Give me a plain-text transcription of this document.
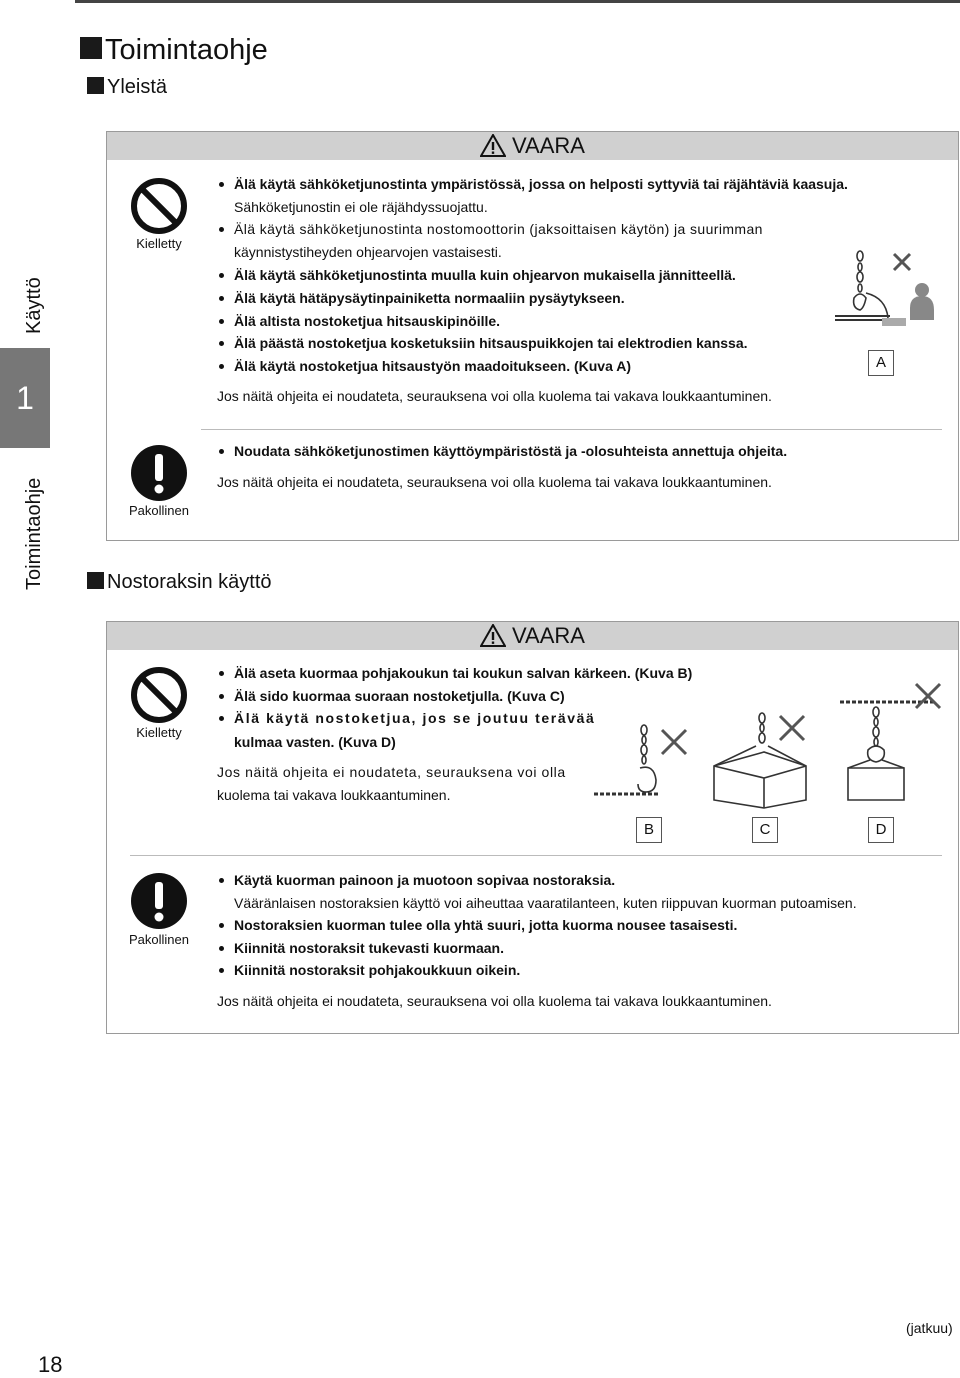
1
Käyttö
Toimintaohje
Toimintaohje
Yleistä
VAARA
Kielletty
Älä käytä sähköketjunostinta ympäristössä, jossa on helposti syttyviä tai räjähtäviä kaasuja.
Sähköketjunostin ei ole räjähdyssuojattu.
Älä käytä sähköketjunostinta nostomoottorin (jaksoittaisen käytön) ja suurimman
käynnistystiheyden ohjearvojen vastaisesti.
Älä käytä sähköketjunostinta muulla kuin ohjearvon mukaisella jännitteellä.
Älä käytä hätäpysäytinpainiketta normaaliin pysäytykseen.
Älä altista nostoketjua hitsauskipinöille.
Älä päästä nostoketjua kosketuksiin hitsauspuikkojen tai elektrodien kanssa.
Älä käytä nostoketjua hitsaustyön maadoitukseen. (Kuva A)
Jos näitä ohjeita ei noudateta, seurauksena voi olla kuolema tai vakava loukkaantuminen.
A
Pakollinen
Noudata sähköketjunostimen käyttöympäristöstä ja -olosuhteista annettuja ohjeita.
Jos näitä ohjeita ei noudateta, seurauksena voi olla kuolema tai vakava loukkaantuminen.
Nostoraksin käyttö
VAARA
Kielletty
Älä aseta kuormaa pohjakoukun tai koukun salvan kärkeen. (Kuva B)
Älä sido kuormaa suoraan nostoketjulla. (Kuva C)
Älä käytä nostoketjua, jos se joutuu terävää
kulmaa vasten. (Kuva D)
Jos näitä ohjeita ei noudateta, seurauksena voi olla
kuolema tai vakava loukkaantuminen.
B	C	D
Pakollinen
Käytä kuorman painoon ja muotoon sopivaa nostoraksia.
Vääränlaisen nostoraksien käyttö voi aiheuttaa vaaratilanteen, kuten riippuvan kuorman putoamisen.
Nostoraksien kuorman tulee olla yhtä suuri, jotta kuorma nousee tasaisesti.
Kiinnitä nostoraksit tukevasti kuormaan.
Kiinnitä nostoraksit pohjakoukkuun oikein.
Jos näitä ohjeita ei noudateta, seurauksena voi olla kuolema tai vakava loukkaantuminen.
(jatkuu)
18
